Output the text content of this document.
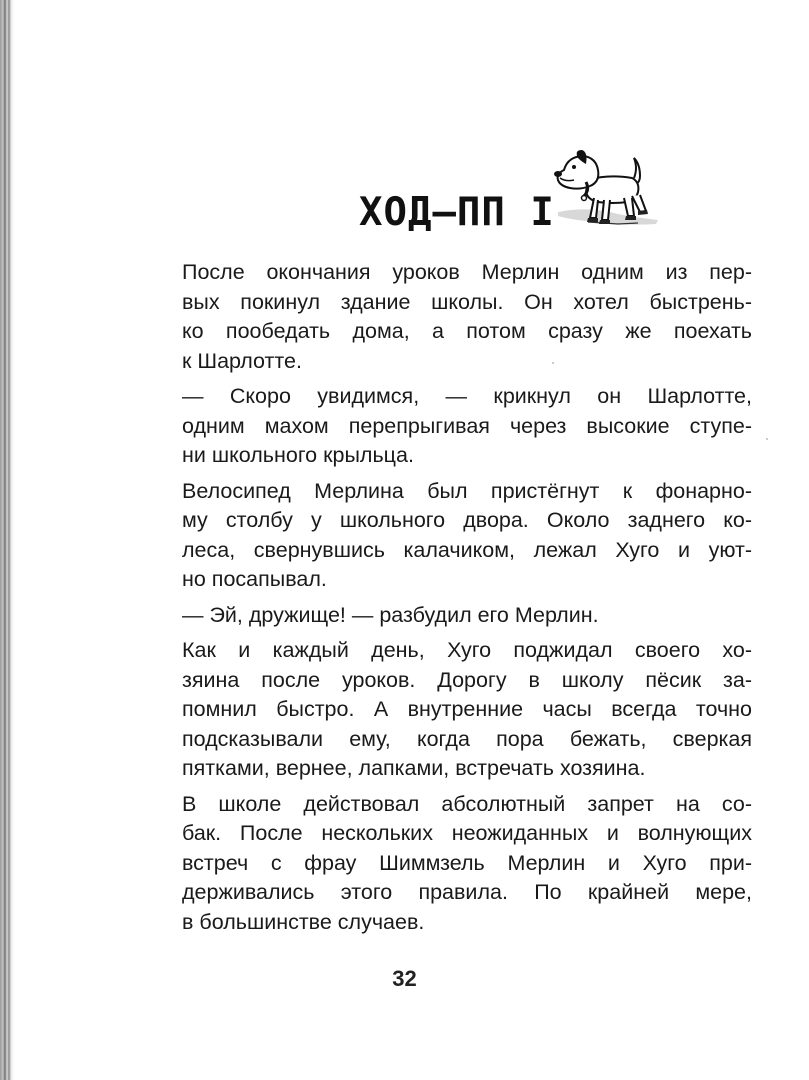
ХОД–ПП I
После окончания уроков Мерлин одним из пер-
вых покинул здание школы. Он хотел быстрень-
ко пообедать дома, а потом сразу же поехать
к Шарлотте.
— Скоро увидимся, — крикнул он Шарлотте,
одним махом перепрыгивая через высокие ступе-
ни школьного крыльца.
Велосипед Мерлина был пристёгнут к фонарно-
му столбу у школьного двора. Около заднего ко-
леса, свернувшись калачиком, лежал Хуго и уют-
но посапывал.
— Эй, дружище! — разбудил его Мерлин.
Как и каждый день, Хуго поджидал своего хо-
зяина после уроков. Дорогу в школу пёсик за-
помнил быстро. А внутренние часы всегда точно
подсказывали ему, когда пора бежать, сверкая
пятками, вернее, лапками, встречать хозяина.
В школе действовал абсолютный запрет на со-
бак. После нескольких неожиданных и волнующих
встреч с фрау Шиммзель Мерлин и Хуго при-
держивались этого правила. По крайней мере,
в большинстве случаев.
32
